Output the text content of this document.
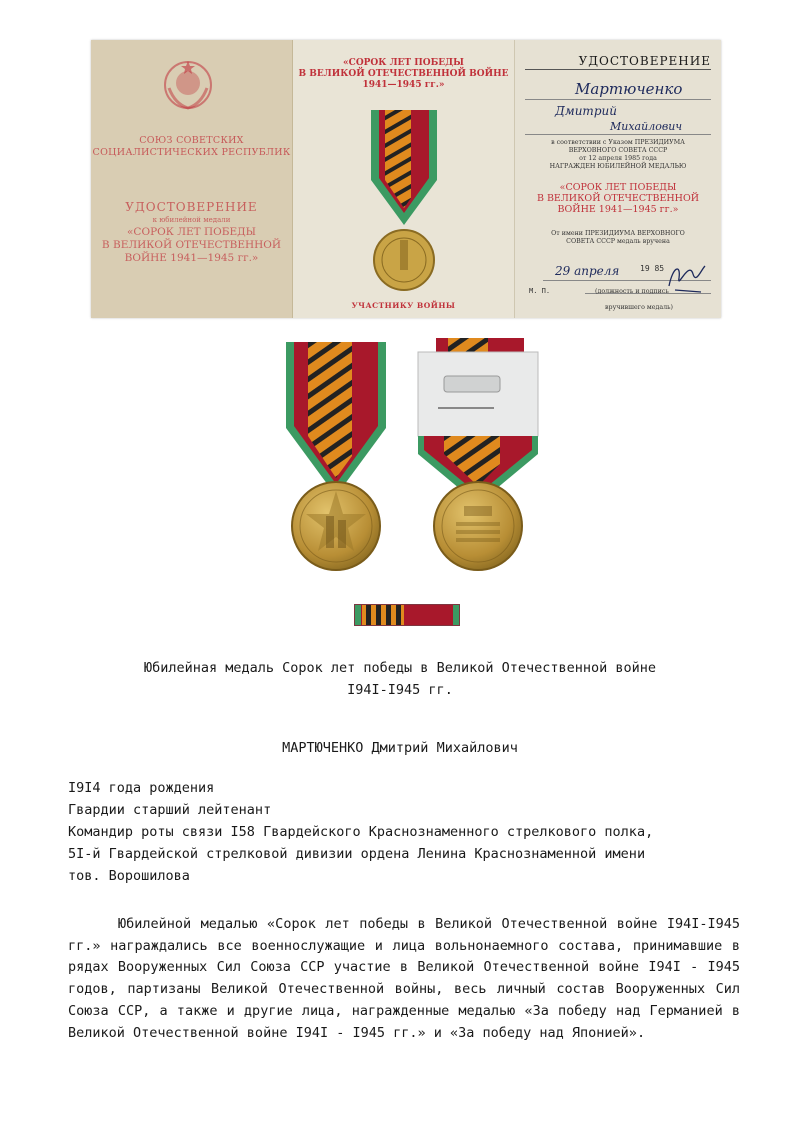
СОЮЗ СОВЕТСКИХ СОЦИАЛИСТИЧЕСКИХ РЕСПУБЛИК
УДОСТОВЕРЕНИЕ
к юбилейной медали
«СОРОК ЛЕТ ПОБЕДЫ
В ВЕЛИКОЙ ОТЕЧЕСТВЕННОЙ
ВОЙНЕ 1941—1945 гг.»
«СОРОК ЛЕТ ПОБЕДЫ
В ВЕЛИКОЙ ОТЕЧЕСТВЕННОЙ ВОЙНЕ
1941—1945 гг.»
УЧАСТНИКУ ВОЙНЫ
УДОСТОВЕРЕНИЕ
Мартюченко
Дмитрий
Михайлович
в соответствии с Указом ПРЕЗИДИУМА
ВЕРХОВНОГО СОВЕТА СССР
от 12 апреля 1985 года
НАГРАЖДЕН ЮБИЛЕЙНОЙ МЕДАЛЬЮ
«СОРОК ЛЕТ ПОБЕДЫ
В ВЕЛИКОЙ ОТЕЧЕСТВЕННОЙ
ВОЙНЕ 1941—1945 гг.»
От имени ПРЕЗИДИУМА ВЕРХОВНОГО
СОВЕТА СССР медаль вручена
29 апреля	19 85
М. П.	(должность и подпись
вручившего медаль)
Юбилейная медаль Сорок лет победы в Великой Отечественной войне
I94I-I945 гг.
МАРТЮЧЕНКО Дмитрий Михайлович
I9I4 года рождения
Гвардии старший лейтенант
Командир роты связи I58 Гвардейского Краснознаменного стрелкового полка,
5I-й Гвардейской стрелковой дивизии ордена Ленина Краснознаменной имени
тов. Ворошилова
Юбилейной медалью «Сорок лет победы в Великой Отечественной войне I94I-I945 гг.» награждались все военнослужащие и лица вольнонаемного состава, принимавшие в рядах Вооруженных Сил Союза ССР участие в Великой Отечественной войне I94I - I945 годов, партизаны Великой Отечественной войны, весь личный состав Вооруженных Сил Союза ССР, а также и другие лица, награжденные медалью «За победу над Германией в Великой Отечественной войне I94I - I945 гг.» и «За победу над Японией».
